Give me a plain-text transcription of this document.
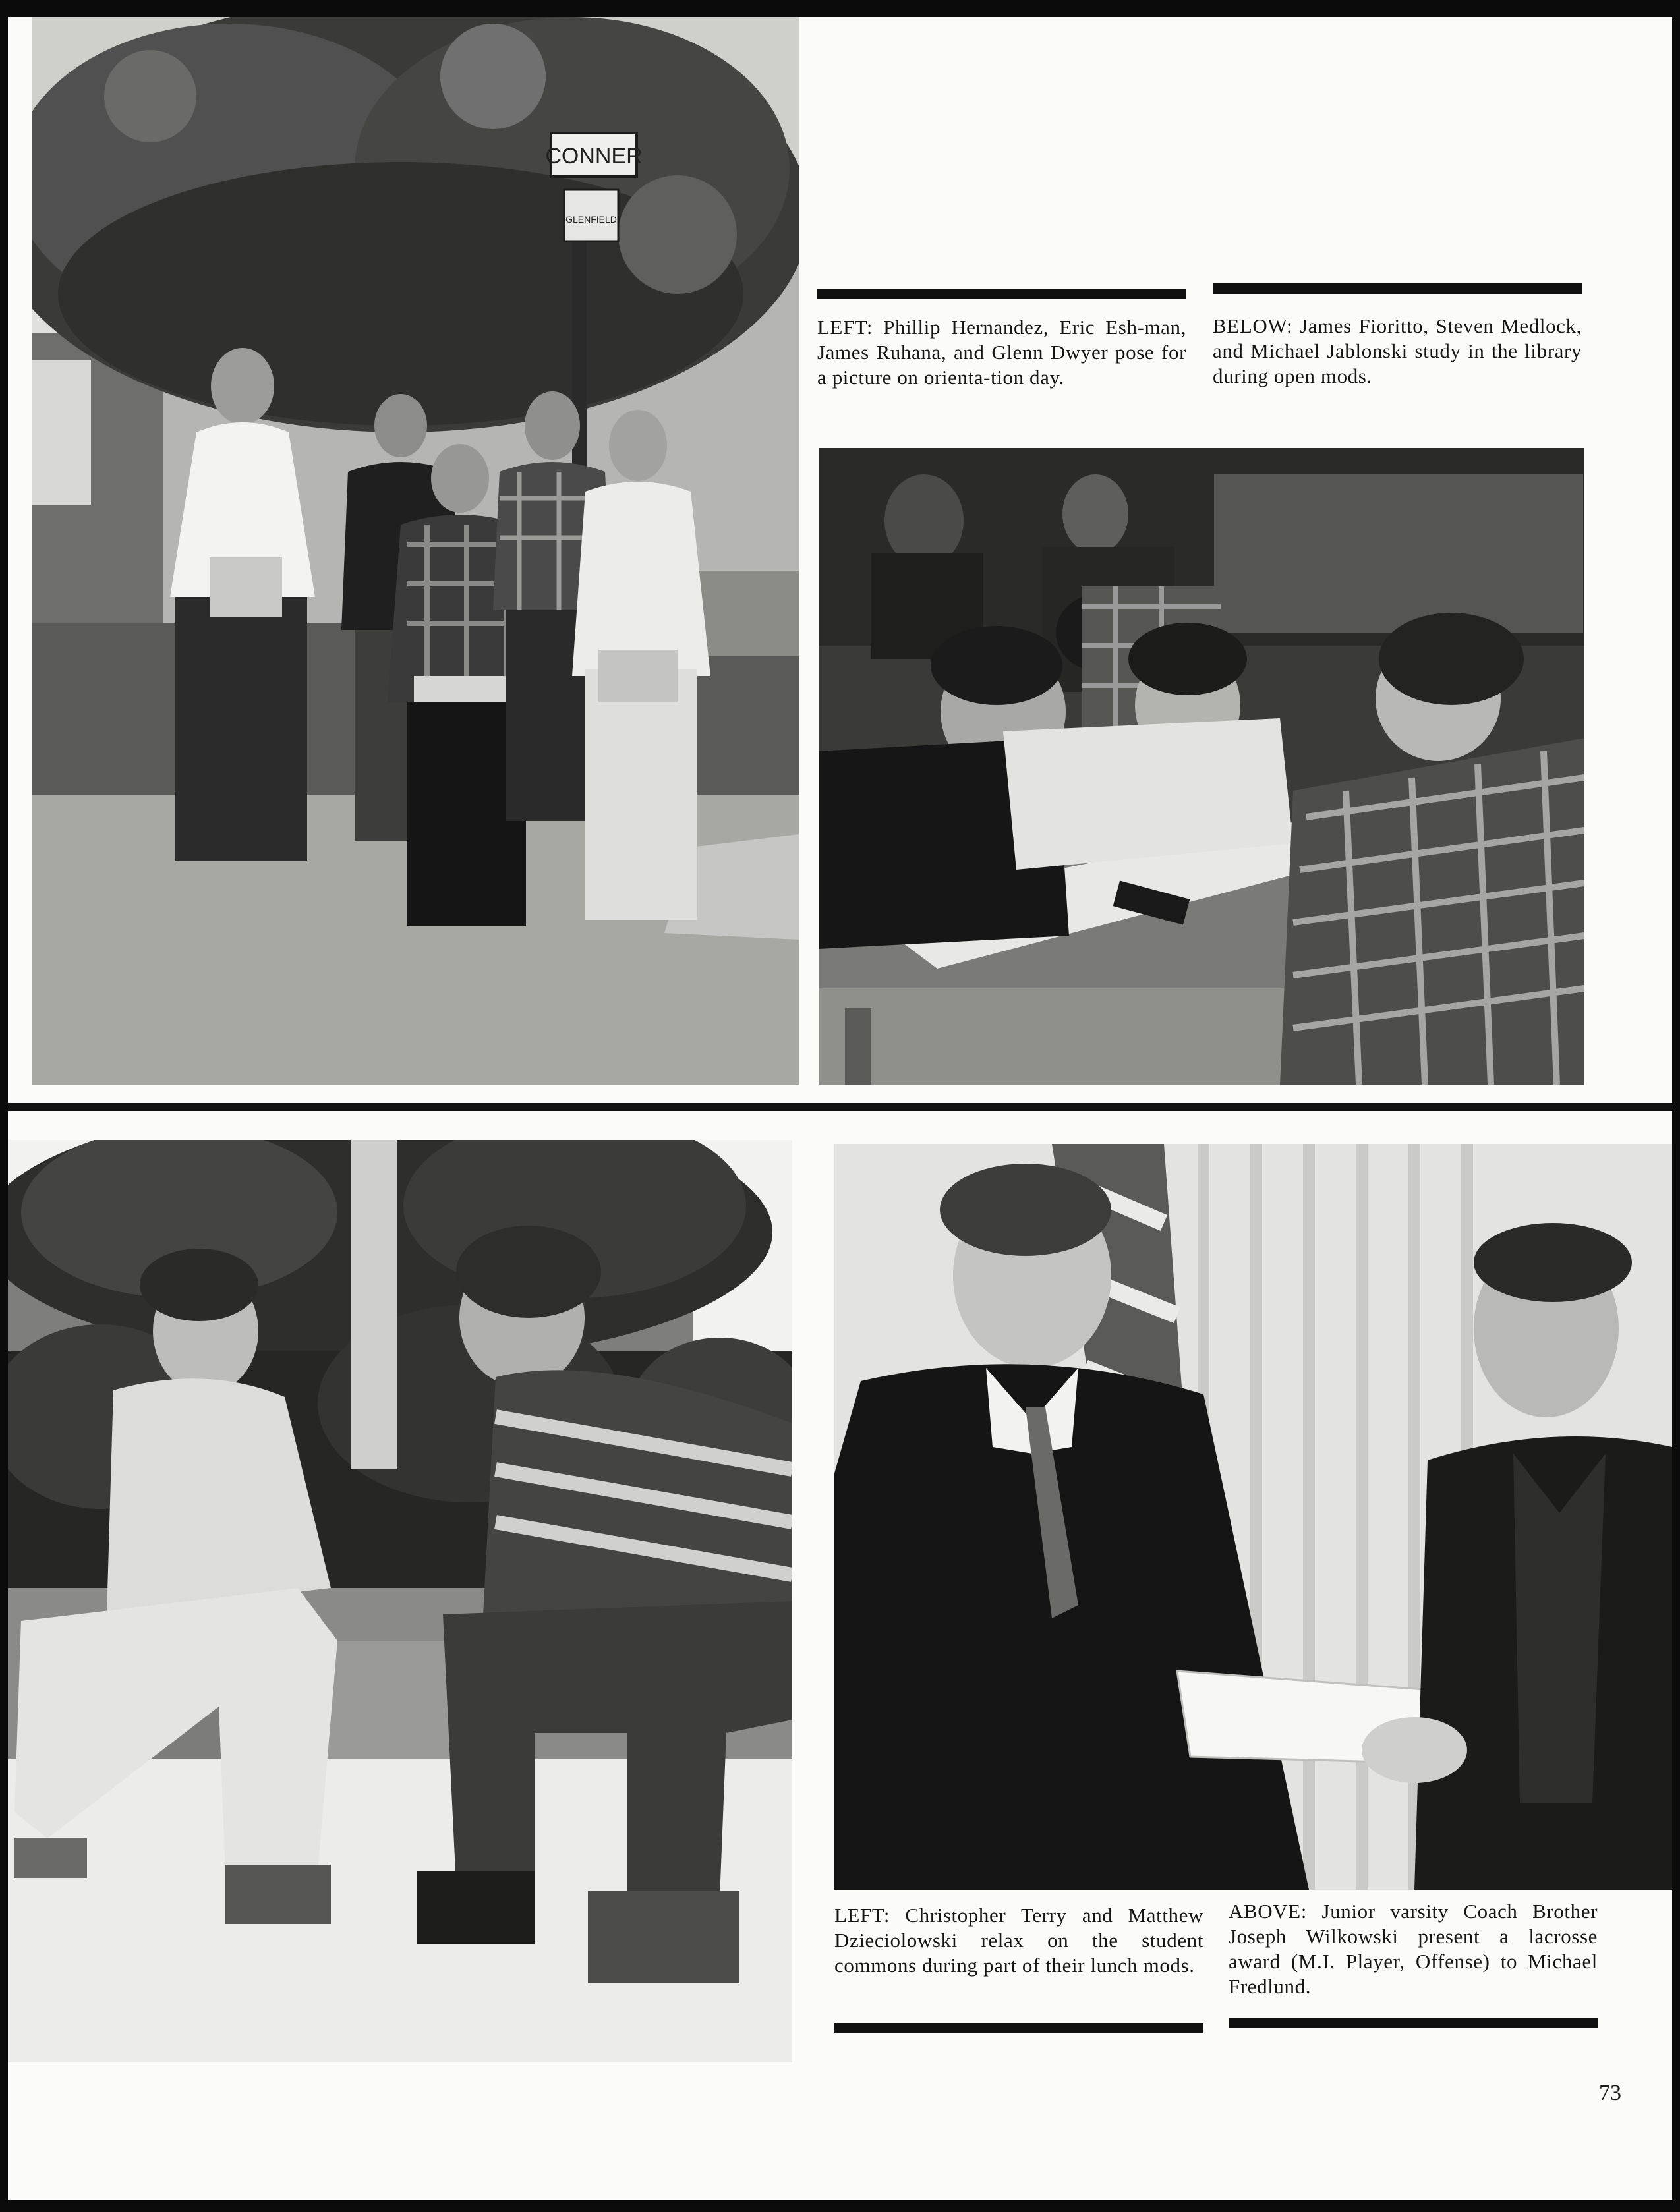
CONNER
GLENFIELD
LEFT: Phillip Hernandez, Eric Esh-man, James Ruhana, and Glenn Dwyer pose for a picture on orienta-tion day.
BELOW: James Fioritto, Steven Medlock, and Michael Jablonski study in the library during open mods.
LEFT: Christopher Terry and Matthew Dzieciolowski relax on the student commons during part of their lunch mods.
ABOVE: Junior varsity Coach Brother Joseph Wilkowski present a lacrosse award (M.I. Player, Offense) to Michael Fredlund.
73
